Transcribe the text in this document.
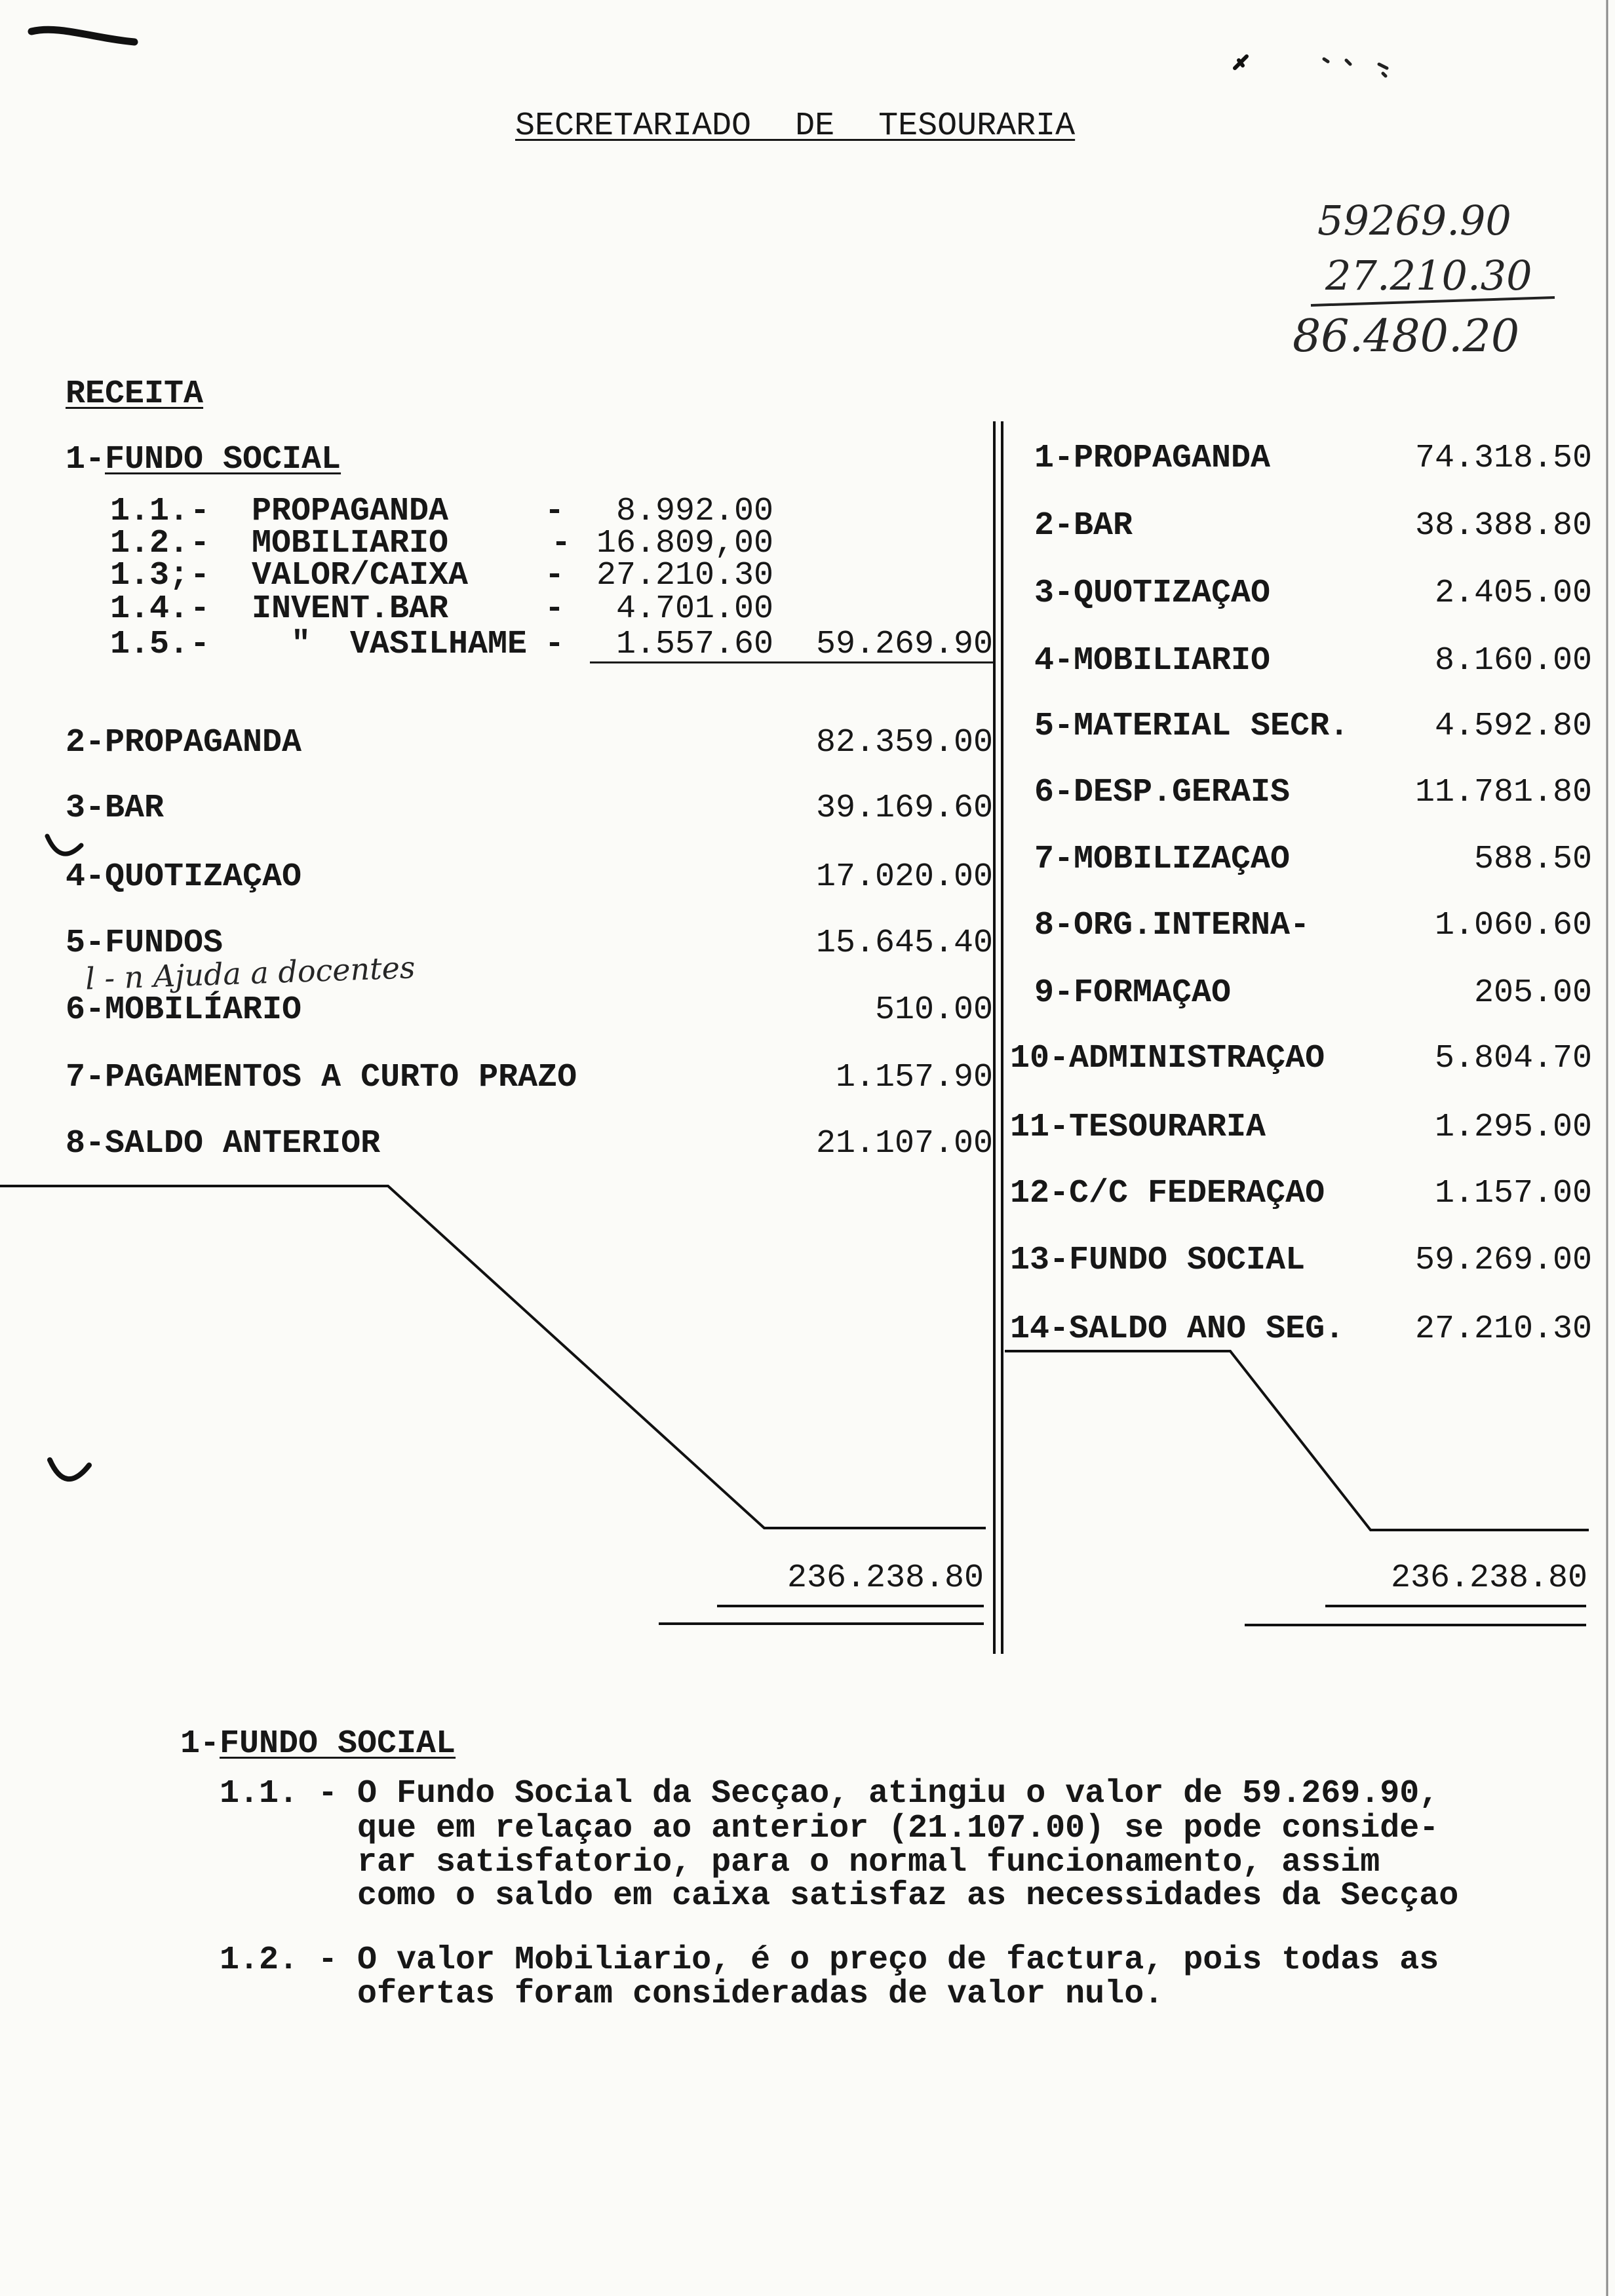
SECRETARIADO DE TESOURARIA
59269.90
27.210.30
86.480.20
RECEITA
1- FUNDO SOCIAL
1.1. - PROPAGANDA	- 8.992.00
1.2. - MOBILIARIO	- 16.809,00
1.3; - VALOR/CAIXA - 27.210.30
1.4. - INVENT.BAR	- 4.701.00
1.5. - "  VASILHAME - 1.557.60 59.269.90
2-PROPAGANDA	82.359.00
3-BAR	39.169.60
4-QUOTIZAÇAO	17.020.00
5-FUNDOS	15.645.40
l - n Ajuda a docentes
6-MOBILÍARIO	510.00
7-PAGAMENTOS A CURTO PRAZO	1.157.90
8-SALDO ANTERIOR	21.107.00
236.238.80
1-PROPAGANDA	74.318.50
2-BAR	38.388.80
3-QUOTIZAÇAO	2.405.00
4-MOBILIARIO	8.160.00
5-MATERIAL SECR.	4.592.80
6-DESP.GERAIS	11.781.80
7-MOBILIZAÇAO	588.50
8-ORG.INTERNA-	1.060.60
9-FORMAÇAO	205.00
10-ADMINISTRAÇAO	5.804.70
11-TESOURARIA	1.295.00
12-C/C FEDERAÇAO	1.157.00
13-FUNDO SOCIAL	59.269.00
14-SALDO ANO SEG. 27.210.30
236.238.80
1- FUNDO SOCIAL
1.1. - O Fundo Social da Secçao, atingiu o valor de 59.269.90,
que em relaçao ao anterior (21.107.00) se pode conside-
rar satisfatorio, para o normal funcionamento, assim
como o saldo em caixa satisfaz as necessidades da Secçao
1.2. - O valor Mobiliario, é o preço de factura, pois todas as
ofertas foram consideradas de valor nulo.
